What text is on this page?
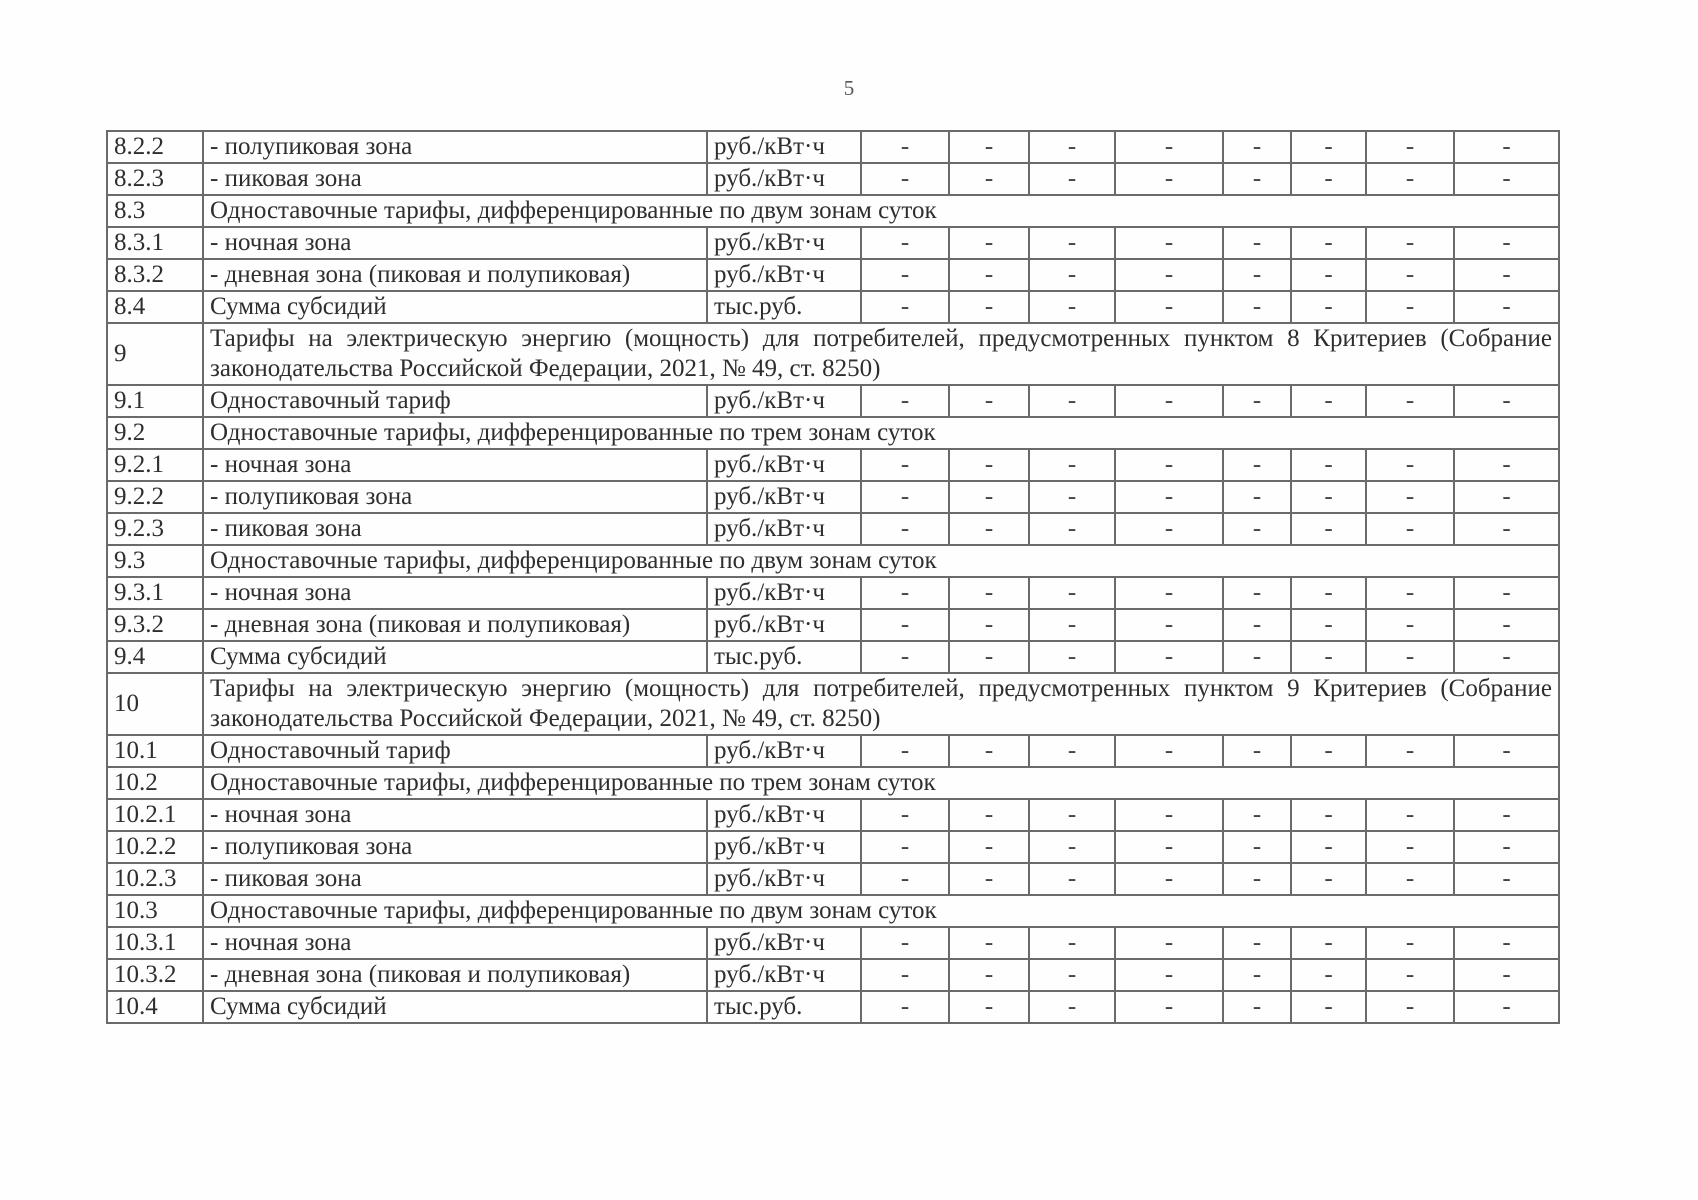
5
8.2.2	- полупиковая зона	руб./кВт·ч	-	-	-	-	-	-	-	-
8.2.3	- пиковая зона	руб./кВт·ч	-	-	-	-	-	-	-	-
8.3	Одноставочные тарифы, дифференцированные по двум зонам суток									
8.3.1	- ночная зона	руб./кВт·ч	-	-	-	-	-	-	-	-
8.3.2	- дневная зона (пиковая и полупиковая)	руб./кВт·ч	-	-	-	-	-	-	-	-
8.4	Сумма субсидий	тыс.руб.	-	-	-	-	-	-	-	-
9	Тарифы на электрическую энергию (мощность) для потребителей, предусмотренных пунктом 8 Критериев (Собрание законодательства Российской Федерации, 2021, № 49, ст. 8250)									
9.1	Одноставочный тариф	руб./кВт·ч	-	-	-	-	-	-	-	-
9.2	Одноставочные тарифы, дифференцированные по трем зонам суток									
9.2.1	- ночная зона	руб./кВт·ч	-	-	-	-	-	-	-	-
9.2.2	- полупиковая зона	руб./кВт·ч	-	-	-	-	-	-	-	-
9.2.3	- пиковая зона	руб./кВт·ч	-	-	-	-	-	-	-	-
9.3	Одноставочные тарифы, дифференцированные по двум зонам суток									
9.3.1	- ночная зона	руб./кВт·ч	-	-	-	-	-	-	-	-
9.3.2	- дневная зона (пиковая и полупиковая)	руб./кВт·ч	-	-	-	-	-	-	-	-
9.4	Сумма субсидий	тыс.руб.	-	-	-	-	-	-	-	-
10	Тарифы на электрическую энергию (мощность) для потребителей, предусмотренных пунктом 9 Критериев (Собрание законодательства Российской Федерации, 2021, № 49, ст. 8250)									
10.1	Одноставочный тариф	руб./кВт·ч	-	-	-	-	-	-	-	-
10.2	Одноставочные тарифы, дифференцированные по трем зонам суток									
10.2.1	- ночная зона	руб./кВт·ч	-	-	-	-	-	-	-	-
10.2.2	- полупиковая зона	руб./кВт·ч	-	-	-	-	-	-	-	-
10.2.3	- пиковая зона	руб./кВт·ч	-	-	-	-	-	-	-	-
10.3	Одноставочные тарифы, дифференцированные по двум зонам суток									
10.3.1	- ночная зона	руб./кВт·ч	-	-	-	-	-	-	-	-
10.3.2	- дневная зона (пиковая и полупиковая)	руб./кВт·ч	-	-	-	-	-	-	-	-
10.4	Сумма субсидий	тыс.руб.	-	-	-	-	-	-	-	-
